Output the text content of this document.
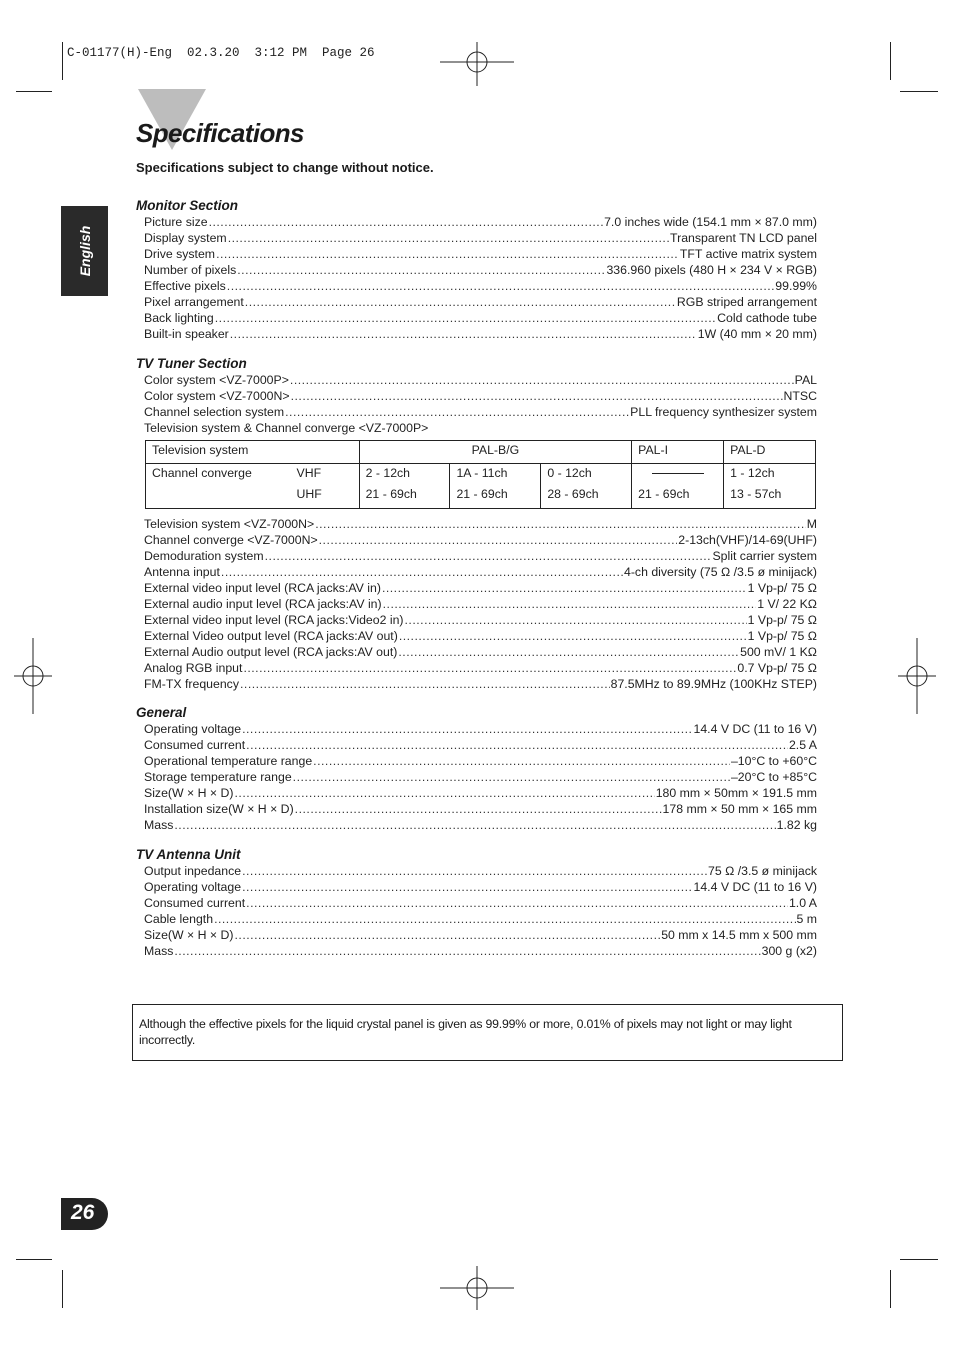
C-01177(H)-Eng  02.3.20  3:12 PM  Page 26
Specifications
Specifications subject to change without notice.
English
Monitor Section
Picture size .....	7.0 inches wide (154.1 mm × 87.0 mm)
Display system .....	Transparent TN LCD panel
Drive system .....	TFT active matrix system
Number of pixels .....	336.960 pixels (480 H × 234 V × RGB)
Effective pixels .....	99.99%
Pixel arrangement .....	RGB striped arrangement
Back lighting .....	Cold cathode tube
Built-in speaker .....	1W (40 mm × 20 mm)
TV Tuner Section
Color system <VZ-7000P> .....	PAL
Color system <VZ-7000N> .....	NTSC
Channel selection system .....	PLL frequency synthesizer system
Television system & Channel converge <VZ-7000P>
Television system	PAL-B/G			PAL-I	PAL-D
Channel converge VHF	2 - 12ch	1A - 11ch	0 - 12ch		1 - 12ch

UHF	21 - 69ch	21 - 69ch	28 - 69ch	21 - 69ch	13 - 57ch
Television system <VZ-7000N> .....	M
Channel converge <VZ-7000N> .....	2-13ch(VHF)/14-69(UHF)
Demoduration system .....	Split carrier system
Antenna input .....	4-ch diversity (75 Ω /3.5 ø minijack)
External video input level (RCA jacks:AV in) .....	1 Vp-p/ 75 Ω
External audio input level (RCA jacks:AV in) .....	1 V/ 22 KΩ
External video input level (RCA jacks:Video2 in) .....	1 Vp-p/ 75 Ω
External Video output level (RCA jacks:AV out) .....	1 Vp-p/ 75 Ω
External Audio output level (RCA jacks:AV out) .....	500 mV/ 1 KΩ
Analog RGB input .....	0.7 Vp-p/ 75 Ω
FM-TX frequency .....	87.5MHz to 89.9MHz (100KHz STEP)
General
Operating voltage .....	14.4 V DC (11 to 16 V)
Consumed current .....	2.5 A
Operational temperature range .....	–10°C to +60°C
Storage temperature range .....	–20°C to +85°C
Size(W × H × D) .....	180 mm × 50mm × 191.5 mm
Installation size(W × H × D) .....	178 mm × 50 mm × 165 mm
Mass .....	1.82 kg
TV Antenna Unit
Output inpedance .....	75 Ω /3.5 ø minijack
Operating voltage .....	14.4 V DC (11 to 16 V)
Consumed current .....	1.0 A
Cable length .....	5 m
Size(W × H × D) .....	50 mm x 14.5 mm x 500 mm
Mass .....	300 g (x2)
Although the effective pixels for the liquid crystal panel is given as 99.99% or more, 0.01% of pixels may not light or may light incorrectly.
26
